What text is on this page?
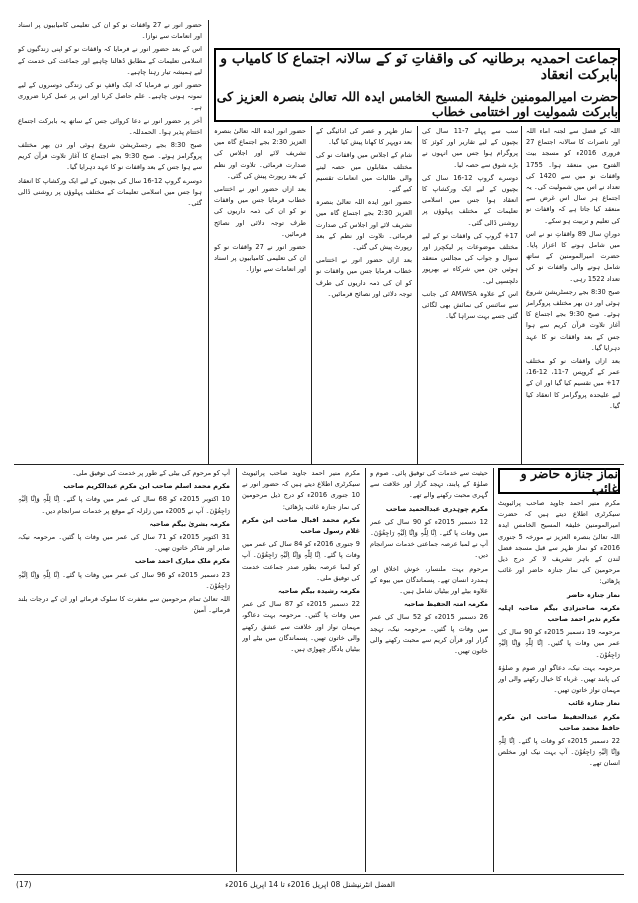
اللہ کے فضل سے لجنہ اماء اللہ اور ناصرات کا سالانہ اجتماع 27 فروری 2016ء کو مسجد بیت الفتوح میں منعقد ہوا۔ 1755 واقفات نو میں سے 1420 کی تعداد نے اس میں شمولیت کی۔ یہ اجتماع ہر سال اس غرض سے منعقد کیا جاتا ہے کہ واقفات نو کی تعلیم و تربیت ہو سکے۔

دورانِ سال 89 واقفاتِ نو نے اس میں شامل ہونے کا اعزاز پایا۔ حضرت امیرالمومنین کے ساتھ شامل ہونے والی واقفات نو کی تعداد 1522 رہی۔

صبح 8:30 بجے رجسٹریشن شروع ہوئی اور دن بھر مختلف پروگرامز ہوئے۔ صبح 9:30 بجے اجتماع کا آغاز تلاوت قرآن کریم سے ہوا جس کے بعد واقفات نو کا عہد دہرایا گیا۔

بعد ازاں واقفات نو کو مختلف عمر کے گروپس 7-11، 12-16، 17+ میں تقسیم کیا گیا اور ان کے لیے علیحدہ پروگرامز کا انعقاد کیا گیا۔

سب سے پہلے 7-11 سال کی بچیوں کے لیے تقاریر اور کوئز کا پروگرام ہوا جس میں انہوں نے بڑے شوق سے حصہ لیا۔

دوسرے گروپ 12-16 سال کی بچیوں کے لیے ایک ورکشاپ کا انعقاد ہوا جس میں اسلامی تعلیمات کے مختلف پہلوؤں پر روشنی ڈالی گئی۔

17+ گروپ کی واقفات نو کے لیے مختلف موضوعات پر لیکچرز اور سوال و جواب کی مجالس منعقد ہوئیں جن میں شرکاء نے بھرپور دلچسپی لی۔

اس کے علاوہ AMWSA کی جانب سے سائنس کی نمائش بھی لگائی گئی جسے بہت سراہا گیا۔

نماز ظہر و عصر کی ادائیگی کے بعد دوپہر کا کھانا پیش کیا گیا۔

شام کے اجلاس میں واقفات نو کی مختلف مقابلوں میں حصہ لینے والی طالبات میں انعامات تقسیم کیے گئے۔

حضور انور ایدہ اللہ تعالیٰ بنصرہ العزیز 2:30 بجے اجتماع گاہ میں تشریف لائے اور اجلاس کی صدارت فرمائی۔ تلاوت اور نظم کے بعد رپورٹ پیش کی گئی۔

بعد ازاں حضور انور نے اختتامی خطاب فرمایا جس میں واقفات نو کو ان کی ذمہ داریوں کی طرف توجہ دلائی اور نصائح فرمائیں۔

حضور انور ایدہ اللہ تعالیٰ بنصرہ العزیز 2:30 بجے اجتماع گاہ میں تشریف لائے اور اجلاس کی صدارت فرمائی۔ تلاوت اور نظم کے بعد رپورٹ پیش کی گئی۔

بعد ازاں حضور انور نے اختتامی خطاب فرمایا جس میں واقفات نو کو ان کی ذمہ داریوں کی طرف توجہ دلائی اور نصائح فرمائیں۔

حضور انور نے 27 واقفات نو کو ان کی تعلیمی کامیابیوں پر اسناد اور انعامات سے نوازا۔

جماعت احمدیہ برطانیہ کی واقفاتِ نَو کے سالانہ اجتماع کا کامیاب و بابرکت انعقاد
حضرت امیرالمومنین خلیفۃ المسیح الخامس ایدہ اللہ تعالیٰ بنصرہ العزیز کی بابرکت شمولیت اور اختتامی خطاب

حضور انور نے 27 واقفات نو کو ان کی تعلیمی کامیابیوں پر اسناد اور انعامات سے نوازا۔

اس کے بعد حضور انور نے فرمایا کہ واقفات نو کو اپنی زندگیوں کو اسلامی تعلیمات کے مطابق ڈھالنا چاہیے اور جماعت کی خدمت کے لیے ہمیشہ تیار رہنا چاہیے۔

حضور انور نے فرمایا کہ ایک واقفِ نو کی زندگی دوسروں کے لیے نمونہ ہونی چاہیے۔ علم حاصل کرنا اور اس پر عمل کرنا ضروری ہے۔

آخر پر حضور انور نے دعا کروائی جس کے ساتھ یہ بابرکت اجتماع اختتام پذیر ہوا۔ الحمدللہ۔

صبح 8:30 بجے رجسٹریشن شروع ہوئی اور دن بھر مختلف پروگرامز ہوئے۔ صبح 9:30 بجے اجتماع کا آغاز تلاوت قرآن کریم سے ہوا جس کے بعد واقفات نو کا عہد دہرایا گیا۔

دوسرے گروپ 12-16 سال کی بچیوں کے لیے ایک ورکشاپ کا انعقاد ہوا جس میں اسلامی تعلیمات کے مختلف پہلوؤں پر روشنی ڈالی گئی۔

نماز جنازہ حاضر و غائب

مکرم منیر احمد جاوید صاحب پرائیویٹ سیکرٹری اطلاع دیتے ہیں کہ حضرت امیرالمومنین خلیفۃ المسیح الخامس ایدہ اللہ تعالیٰ بنصرہ العزیز نے مورخہ 5 جنوری 2016ء کو نماز ظہر سے قبل مسجد فضل لندن کے باہر تشریف لا کر درج ذیل مرحومین کی نماز جنازہ حاضر اور غائب پڑھائی:

نماز جنازہ حاضر

مکرمہ صاحبزادی بیگم صاحبہ اہلیہ مکرم نذیر احمد صاحب

مرحومہ 19 دسمبر 2015ء کو 90 سال کی عمر میں وفات پا گئیں۔ اِنَّا لِلّٰہِ وَاِنَّا اِلَیْہِ رَاجِعُوْنَ۔

مرحومہ بہت نیک، دعاگو اور صوم و صلوٰۃ کی پابند تھیں۔ غرباء کا خیال رکھنے والی اور مہمان نواز خاتون تھیں۔

نماز جنازہ غائب

مکرم عبدالحفیظ صاحب ابن مکرم حافظ محمد صاحب

22 دسمبر 2015ء کو وفات پا گئے۔ اِنَّا لِلّٰہِ وَاِنَّا اِلَیْہِ رَاجِعُوْنَ۔ آپ بہت نیک اور مخلص انسان تھے۔

حیثیت سے خدمات کی توفیق پائی۔ صوم و صلوٰۃ کے پابند، تہجد گزار اور خلافت سے گہری محبت رکھنے والے تھے۔

مکرم چوہدری عبدالحمید صاحب

12 دسمبر 2015ء کو 90 سال کی عمر میں وفات پا گئے۔ اِنَّا لِلّٰہِ وَاِنَّا اِلَیْہِ رَاجِعُوْنَ۔ آپ نے لمبا عرصہ جماعتی خدمات سرانجام دیں۔

مرحوم بہت ملنسار، خوش اخلاق اور ہمدرد انسان تھے۔ پسماندگان میں بیوہ کے علاوہ بیٹے اور بیٹیاں شامل ہیں۔

مکرمہ امتہ الحفیظ صاحبہ

26 دسمبر 2015ء کو 52 سال کی عمر میں وفات پا گئیں۔ مرحومہ نیک، تہجد گزار اور قرآن کریم سے محبت رکھنے والی خاتون تھیں۔

مکرم منیر احمد جاوید صاحب پرائیویٹ سیکرٹری اطلاع دیتے ہیں کہ حضور انور نے 10 جنوری 2016ء کو درج ذیل مرحومین کی نماز جنازہ غائب پڑھائی:

مکرم محمد اقبال صاحب ابن مکرم غلام رسول صاحب

9 جنوری 2016ء کو 84 سال کی عمر میں وفات پا گئے۔ اِنَّا لِلّٰہِ وَاِنَّا اِلَیْہِ رَاجِعُوْنَ۔ آپ کو لمبا عرصہ بطور صدر جماعت خدمت کی توفیق ملی۔

مکرمہ رشیدہ بیگم صاحبہ

22 دسمبر 2015ء کو 87 سال کی عمر میں وفات پا گئیں۔ مرحومہ بہت دعاگو، مہمان نواز اور خلافت سے عشق رکھنے والی خاتون تھیں۔ پسماندگان میں بیٹے اور بیٹیاں یادگار چھوڑی ہیں۔

آپ کو مرحوم کی بیٹی کے طور پر خدمت کی توفیق ملی۔

مکرم محمد اسلم صاحب ابن مکرم عبدالکریم صاحب

10 اکتوبر 2015ء کو 68 سال کی عمر میں وفات پا گئے۔ اِنَّا لِلّٰہِ وَاِنَّا اِلَیْہِ رَاجِعُوْنَ۔ آپ نے 2005ء میں زلزلہ کے موقع پر خدمات سرانجام دیں۔

مکرمہ بشریٰ بیگم صاحبہ

31 اکتوبر 2015ء کو 71 سال کی عمر میں وفات پا گئیں۔ مرحومہ نیک، صابر اور شاکر خاتون تھیں۔

مکرم ملک مبارک احمد صاحب

23 دسمبر 2015ء کو 96 سال کی عمر میں وفات پا گئے۔ اِنَّا لِلّٰہِ وَاِنَّا اِلَیْہِ رَاجِعُوْنَ۔

اللہ تعالیٰ تمام مرحومین سے مغفرت کا سلوک فرمائے اور ان کے درجات بلند فرمائے۔ آمین

الفضل انٹرنیشنل 08 اپریل 2016ء تا 14 اپریل 2016ء
(17)
